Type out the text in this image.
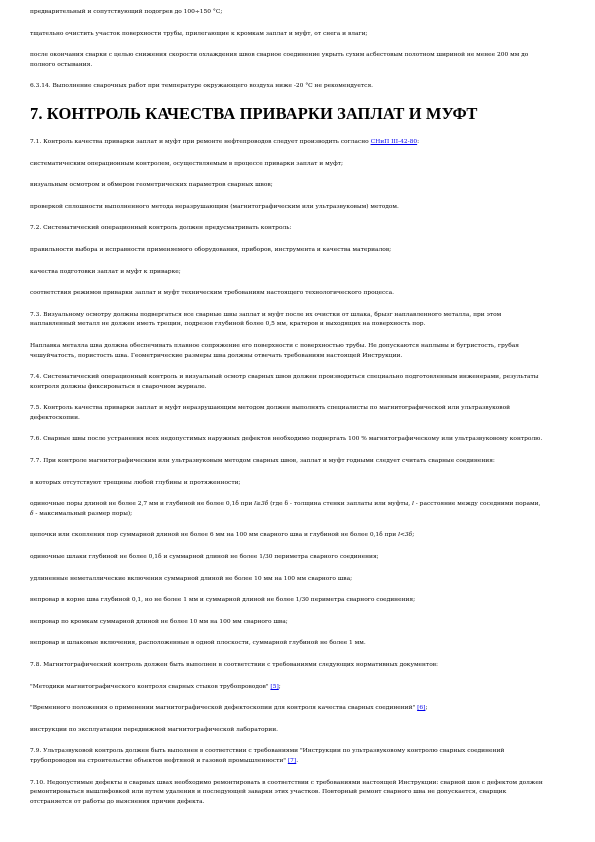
предварительный и сопутствующий подогрев до 100÷150 °С;

тщательно очистить участок поверхности трубы, прилегающие к кромкам заплат и муфт, от снега и влаги;

после окончания сварки с целью снижения скорости охлаждения швов сварное соединение укрыть сухим асбестовым полотном шириной не менее 200 мм до полного остывания.

6.3.14. Выполнение сварочных работ при температуре окружающего воздуха ниже -20 °С не рекомендуется.

7. КОНТРОЛЬ КАЧЕСТВА ПРИВАРКИ ЗАПЛАТ И МУФТ

7.1. Контроль качества приварки заплат и муфт при ремонте нефтепроводов следует производить согласно СНиП III-42-80:

систематическим операционным контролем, осуществляемым в процессе приварки заплат и муфт;

визуальным осмотром и обмером геометрических параметров сварных швов;

проверкой сплошности выполненного метода неразрушающим (магнитографическим или ультразвуковым) методом.

7.2. Систематический операционный контроль должен предусматривать контроль:

правильности выбора и исправности применяемого оборудования, приборов, инструмента и качества материалов;

качества подготовки заплат и муфт к приварке;

соответствия режимов приварки заплат и муфт техническим требованиям настоящего технологического процесса.

7.3. Визуальному осмотру должны подвергаться все сварные швы заплат и муфт после их очистки от шлака, брызг наплавленного металла, при этом наплавленный металл не должен иметь трещин, подрезов глубиной более 0,5 мм, кратеров и выходящих на поверхность пор.

Наплавка металла шва должна обеспечивать плавное сопряжение его поверхности с поверхностью трубы. Не допускаются наплывы и бугристость, грубая чешуйчатость, пористость шва. Геометрические размеры шва должны отвечать требованиям настоящей Инструкции.

7.4. Систематический операционный контроль и визуальный осмотр сварных швов должен производиться специально подготовленным инженерами, результаты контроля должны фиксироваться в сварочном журнале.

7.5. Контроль качества приварки заплат и муфт неразрушающим методом должен выполнять специалисты по магнитографической или ультразвуковой дефектоскопии.

7.6. Сварные швы после устранения всех недопустимых наружных дефектов необходимо подвергать 100 % магнитографическому или ультразвуковому контролю.

7.7. При контроле магнитографическим или ультразвуковым методом сварных швов, заплат и муфт годными следует считать сварные соединения:

в которых отсутствуют трещины любой глубины и протяженности;

одиночные поры длиной не более 2,7 мм и глубиной не более 0,1δ при l≥3δ (где δ - толщина стенки заплаты или муфты, l - расстояние между соседними порами, δ - максимальный размер поры);

цепочки или скопления пор суммарной длиной не более 6 мм на 100 мм сварного шва и глубиной не более 0,1δ при l<3δ;

одиночные шлаки глубиной не более 0,1δ и суммарной длиной не более 1/30 периметра сварного соединения;

удлиненные неметаллические включения суммарной длиной не более 10 мм на 100 мм сварного шва;

непровар в корне шва глубиной 0,1, но не более 1 мм и суммарной длиной не более 1/30 периметра сварного соединения;

непровар по кромкам суммарной длиной не более 10 мм на 100 мм сварного шва;

непровар и шлаковые включения, расположенные в одной плоскости, суммарной глубиной не более 1 мм.

7.8. Магнитографический контроль должен быть выполнен в соответствии с требованиями следующих нормативных документов:

"Методики магнитографического контроля сварных стыков трубопроводов" [5];

"Временного положения о применении магнитографической дефектоскопии для контроля качества сварных соединений" [6];

инструкции по эксплуатации передвижной магнитографической лаборатории.

7.9. Ультразвуковой контроль должен быть выполнен в соответствии с требованиями "Инструкции по ультразвуковому контролю сварных соединений трубопроводов на строительстве объектов нефтяной и газовой промышленности" [7].

7.10. Недопустимые дефекты в сварных швах необходимо ремонтировать в соответствии с требованиями настоящей Инструкции: сварной шов с дефектом должен ремонтироваться вышлифовкой или путем удаления и последующей заварки этих участков. Повторный ремонт сварного шва не допускается, сварщик отстраняется от работы до выяснения причин дефекта.
